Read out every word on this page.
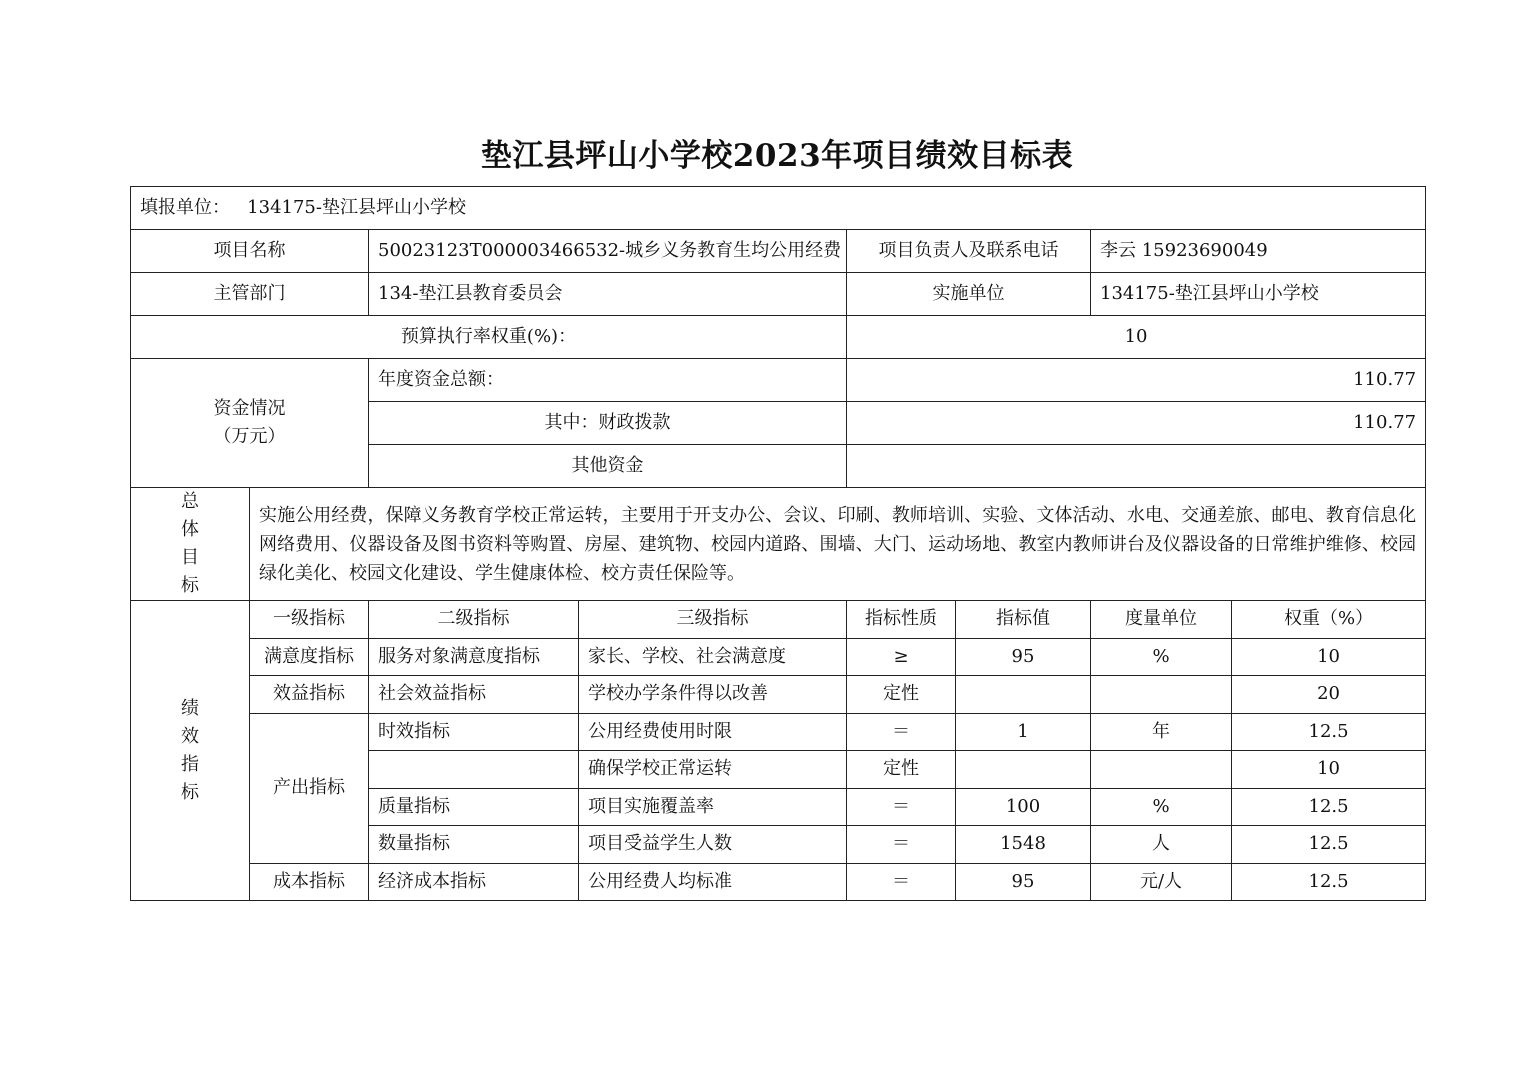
垫江县坪山小学校2023年项目绩效目标表
填报单位： 134175-垫江县坪山小学校							
项目名称		50023123T000003466532-城乡义务教育生均公用经费		项目负责人及联系电话		李云 15923690049	
主管部门		134-垫江县教育委员会		实施单位		134175-垫江县坪山小学校	
预算执行率权重(%)：				10			

资金情况
（万元）		年度资金总额：		110.77			
		其中：财政拨款		110.77			
		其他资金					

总
体
目
标	实施公用经费，保障义务教育学校正常运转，主要用于开支办公、会议、印刷、教师培训、实验、文体活动、水电、交通差旅、邮电、教育信息化网络费用、仪器设备及图书资料等购置、房屋、建筑物、校园内道路、围墙、大门、运动场地、教室内教师讲台及仪器设备的日常维护维修、校园绿化美化、校园文化建设、学生健康体检、校方责任保险等。						

绩
效
指
标	一级指标	二级指标	三级指标	指标性质	指标值	度量单位	权重（%）
	满意度指标	服务对象满意度指标	家长、学校、社会满意度	≥	95	%	10
	效益指标	社会效益指标	学校办学条件得以改善	定性			20
	产出指标	时效指标	公用经费使用时限	＝	1	年	12.5
			确保学校正常运转	定性			10
		质量指标	项目实施覆盖率	＝	100	%	12.5
		数量指标	项目受益学生人数	＝	1548	人	12.5
	成本指标	经济成本指标	公用经费人均标准	＝	95	元/人	12.5
